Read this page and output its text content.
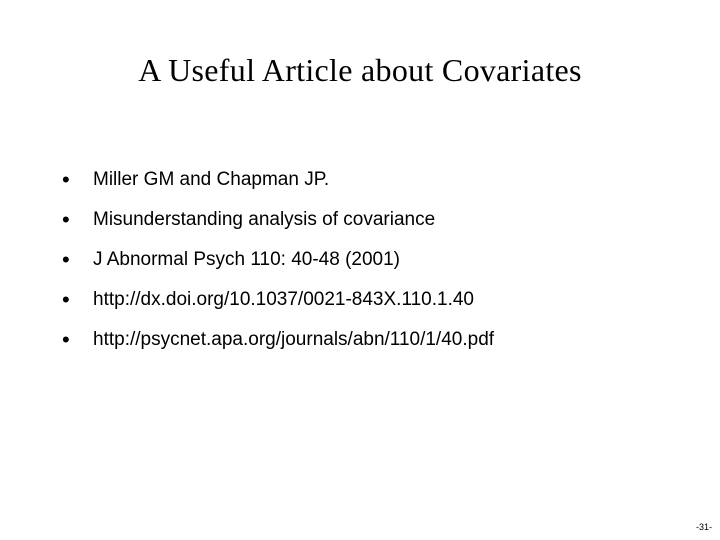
A Useful Article about Covariates
• Miller GM and Chapman JP.
• Misunderstanding analysis of covariance
• J Abnormal Psych 110: 40-48 (2001)
• http://dx.doi.org/10.1037/0021-843X.110.1.40
• http://psycnet.apa.org/journals/abn/110/1/40.pdf
-31-
